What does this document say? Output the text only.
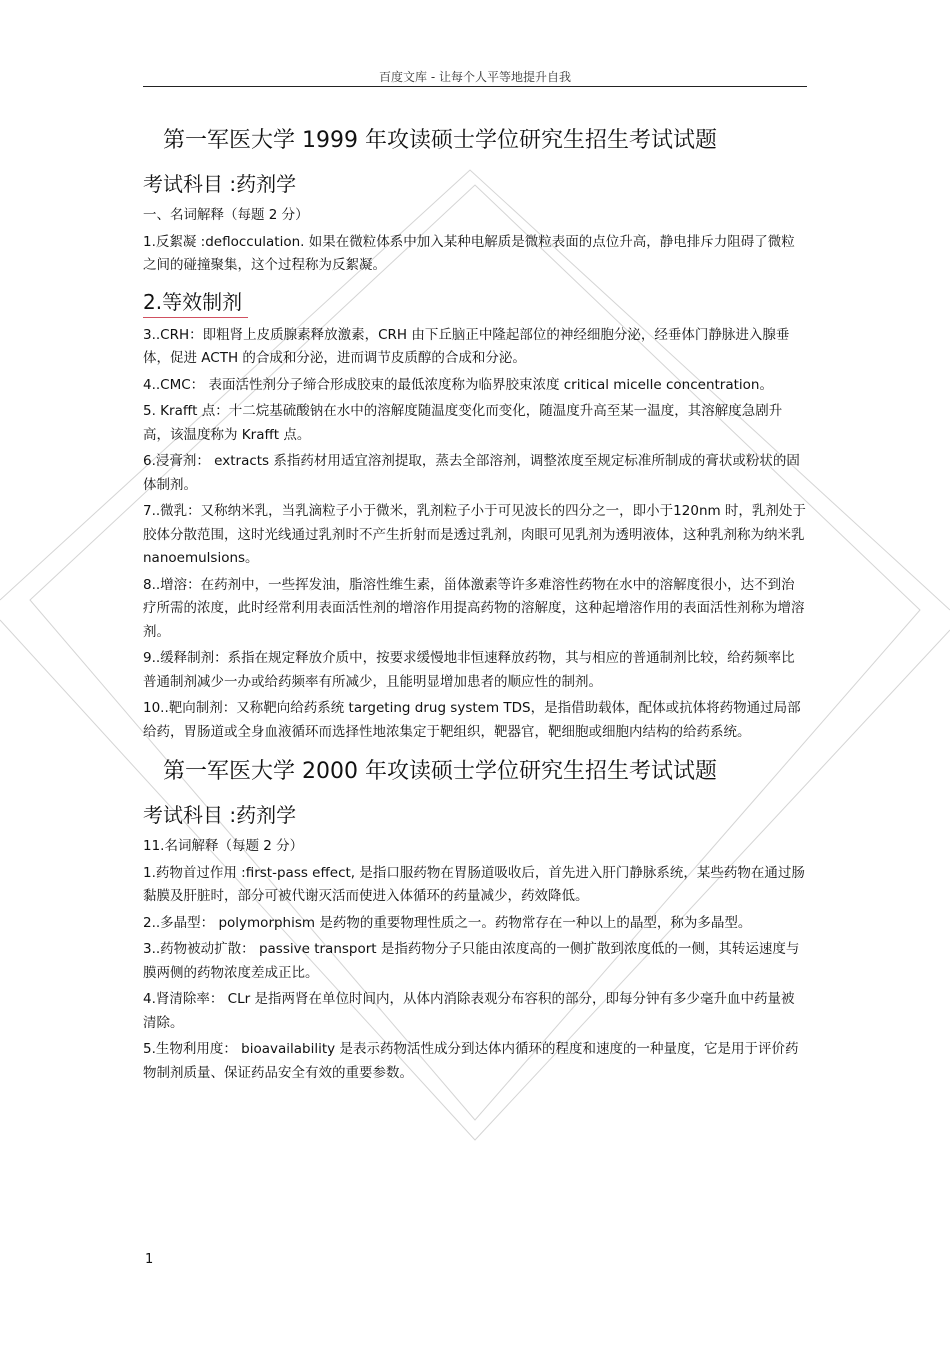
百度文库 - 让每个人平等地提升自我
第一军医大学 1999 年攻读硕士学位研究生招生考试试题
考试科目 :药剂学
一、名词解释（每题 2 分）
1.反絮凝 :deflocculation. 如果在微粒体系中加入某种电解质是微粒表面的点位升高，静电排斥力阻碍了微粒之间的碰撞聚集，这个过程称为反絮凝。
2.等效制剂
3..CRH：即粗肾上皮质腺素释放激素，CRH 由下丘脑正中隆起部位的神经细胞分泌，经垂体门静脉进入腺垂体，促进 ACTH 的合成和分泌，进而调节皮质醇的合成和分泌。
4..CMC： 表面活性剂分子缔合形成胶束的最低浓度称为临界胶束浓度 critical micelle concentration。
5. Krafft 点：十二烷基硫酸钠在水中的溶解度随温度变化而变化，随温度升高至某一温度，其溶解度急剧升高，该温度称为 Krafft 点。
6.浸膏剂： extracts 系指药材用适宜溶剂提取，蒸去全部溶剂，调整浓度至规定标准所制成的膏状或粉状的固体制剂。
7..微乳：又称纳米乳，当乳滴粒子小于微米，乳剂粒子小于可见波长的四分之一，即小于120nm 时，乳剂处于胶体分散范围，这时光线通过乳剂时不产生折射而是透过乳剂，肉眼可见乳剂为透明液体，这种乳剂称为纳米乳 nanoemulsions。
8..增溶：在药剂中，一些挥发油，脂溶性维生素，甾体激素等许多难溶性药物在水中的溶解度很小，达不到治疗所需的浓度，此时经常利用表面活性剂的增溶作用提高药物的溶解度，这种起增溶作用的表面活性剂称为增溶剂。
9..缓释制剂：系指在规定释放介质中，按要求缓慢地非恒速释放药物，其与相应的普通制剂比较，给药频率比普通制剂减少一办或给药频率有所减少，且能明显增加患者的顺应性的制剂。
10..靶向制剂：又称靶向给药系统 targeting drug system TDS，是指借助载体，配体或抗体将药物通过局部给药，胃肠道或全身血液循环而选择性地浓集定于靶组织，靶器官，靶细胞或细胞内结构的给药系统。
第一军医大学 2000 年攻读硕士学位研究生招生考试试题
考试科目 :药剂学
11.名词解释（每题 2 分）
1.药物首过作用 :first-pass effect, 是指口服药物在胃肠道吸收后，首先进入肝门静脉系统，某些药物在通过肠黏膜及肝脏时，部分可被代谢灭活而使进入体循环的药量减少，药效降低。
2..多晶型： polymorphism 是药物的重要物理性质之一。药物常存在一种以上的晶型，称为多晶型。
3..药物被动扩散： passive transport 是指药物分子只能由浓度高的一侧扩散到浓度低的一侧，其转运速度与膜两侧的药物浓度差成正比。
4.肾清除率： CLr 是指两肾在单位时间内，从体内消除表观分布容积的部分，即每分钟有多少毫升血中药量被清除。
5.生物利用度： bioavailability 是表示药物活性成分到达体内循环的程度和速度的一种量度，它是用于评价药物制剂质量、保证药品安全有效的重要参数。
1
